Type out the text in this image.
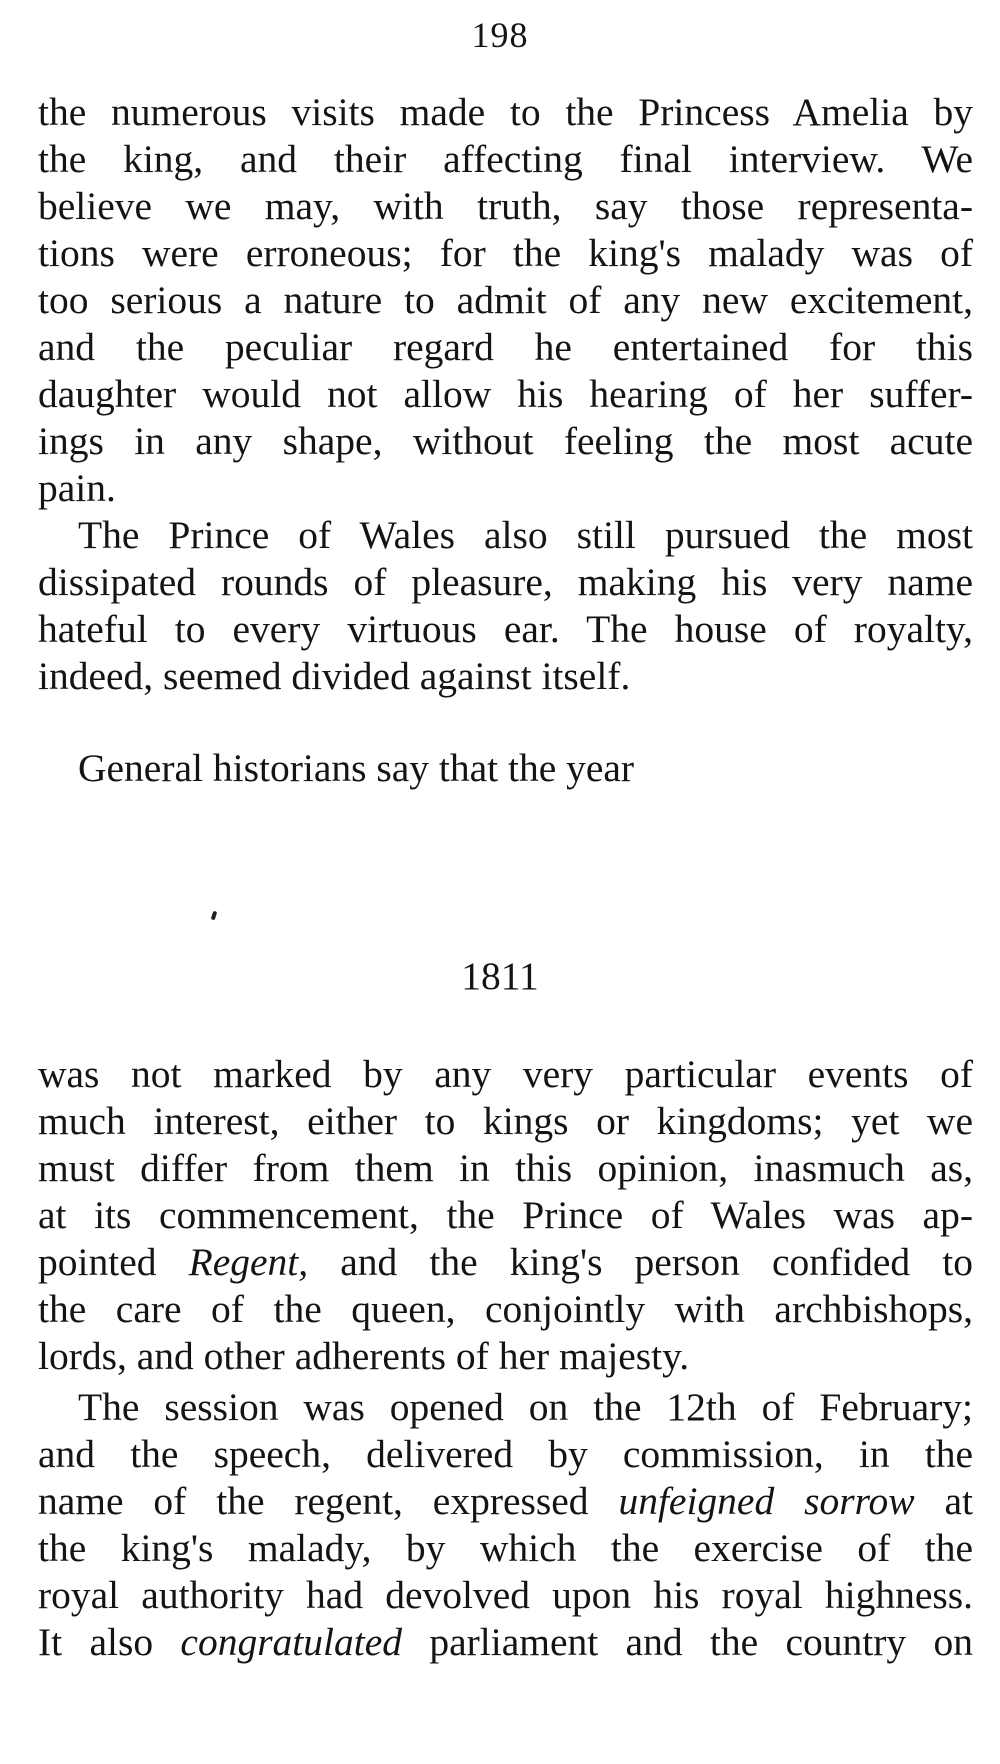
198
the numerous visits made to the Princess Amelia by
the king, and their affecting final interview. We
believe we may, with truth, say those representa-
tions were erroneous; for the king's malady was of
too serious a nature to admit of any new excitement,
and the peculiar regard he entertained for this
daughter would not allow his hearing of her suffer-
ings in any shape, without feeling the most acute
pain.
The Prince of Wales also still pursued the most
dissipated rounds of pleasure, making his very name
hateful to every virtuous ear. The house of royalty,
indeed, seemed divided against itself.
General historians say that the year
1811
was not marked by any very particular events of
much interest, either to kings or kingdoms; yet we
must differ from them in this opinion, inasmuch as,
at its commencement, the Prince of Wales was ap-
pointed Regent, and the king's person confided to
the care of the queen, conjointly with archbishops,
lords, and other adherents of her majesty.
The session was opened on the 12th of February;
and the speech, delivered by commission, in the
name of the regent, expressed unfeigned sorrow at
the king's malady, by which the exercise of the
royal authority had devolved upon his royal highness.
It also congratulated parliament and the country on
